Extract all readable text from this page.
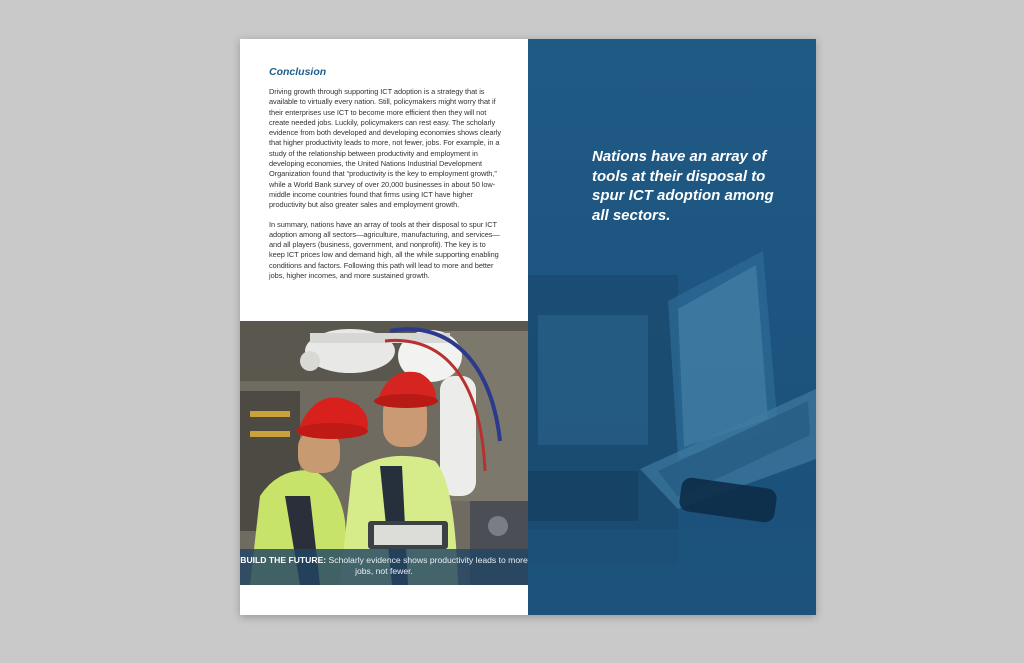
Conclusion

Driving growth through supporting ICT adoption is a strategy that is available to virtually every nation. Still, policymakers might worry that if their enterprises use ICT to become more efficient then they will not create needed jobs. Luckily, policymakers can rest easy. The scholarly evidence from both developed and developing economies shows clearly that higher productivity leads to more, not fewer, jobs. For example, in a study of the relationship between productivity and employment in developing economies, the United Nations Industrial Development Organization found that “productivity is the key to employment growth,” while a World Bank survey of over 20,000 businesses in about 50 low-middle income countries found that firms using ICT have higher productivity but also greater sales and employment growth.

In summary, nations have an array of tools at their disposal to spur ICT adoption among all sectors—agriculture, manufacturing, and services—and all players (business, government, and nonprofit). The key is to keep ICT prices low and demand high, all the while supporting enabling conditions and factors. Following this path will lead to more and better jobs, higher incomes, and more sustained growth.

BUILD THE FUTURE: Scholarly evidence shows productivity leads to more jobs, not fewer.

Nations have an array of tools at their disposal to spur ICT adoption among all sectors.
